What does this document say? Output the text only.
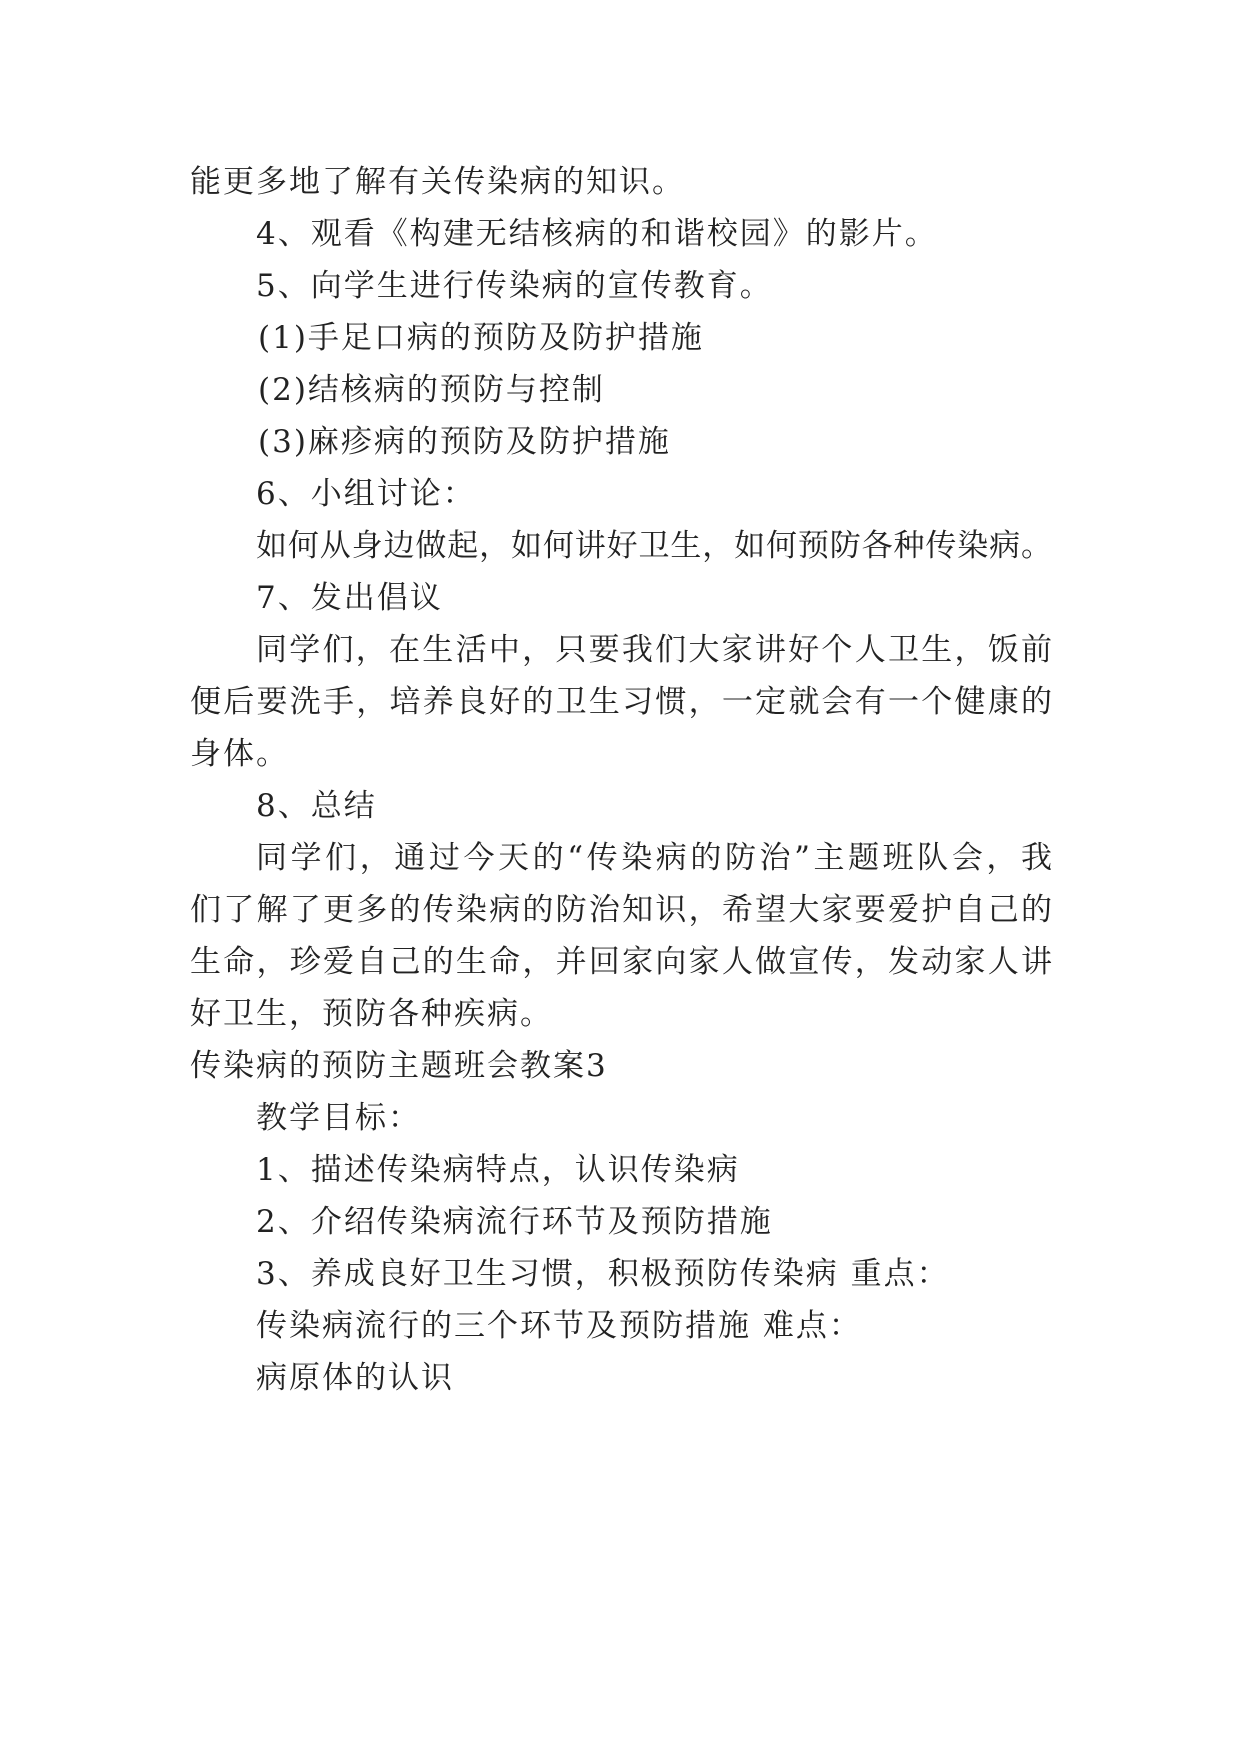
能更多地了解有关传染病的知识。
4、观看《构建无结核病的和谐校园》的影片。
5、向学生进行传染病的宣传教育。
(1)手足口病的预防及防护措施
(2)结核病的预防与控制
(3)麻疹病的预防及防护措施
6、小组讨论：
如何从身边做起，如何讲好卫生，如何预防各种传染病。
7、发出倡议
同学们，在生活中，只要我们大家讲好个人卫生，饭前
便后要洗手，培养良好的卫生习惯，一定就会有一个健康的
身体。
8、总结
同学们，通过今天的“传染病的防治”主题班队会，我
们了解了更多的传染病的防治知识，希望大家要爱护自己的
生命，珍爱自己的生命，并回家向家人做宣传，发动家人讲
好卫生，预防各种疾病。
传染病的预防主题班会教案3
教学目标：
1、描述传染病特点，认识传染病
2、介绍传染病流行环节及预防措施
3、养成良好卫生习惯，积极预防传染病 重点：
传染病流行的三个环节及预防措施 难点：
病原体的认识
